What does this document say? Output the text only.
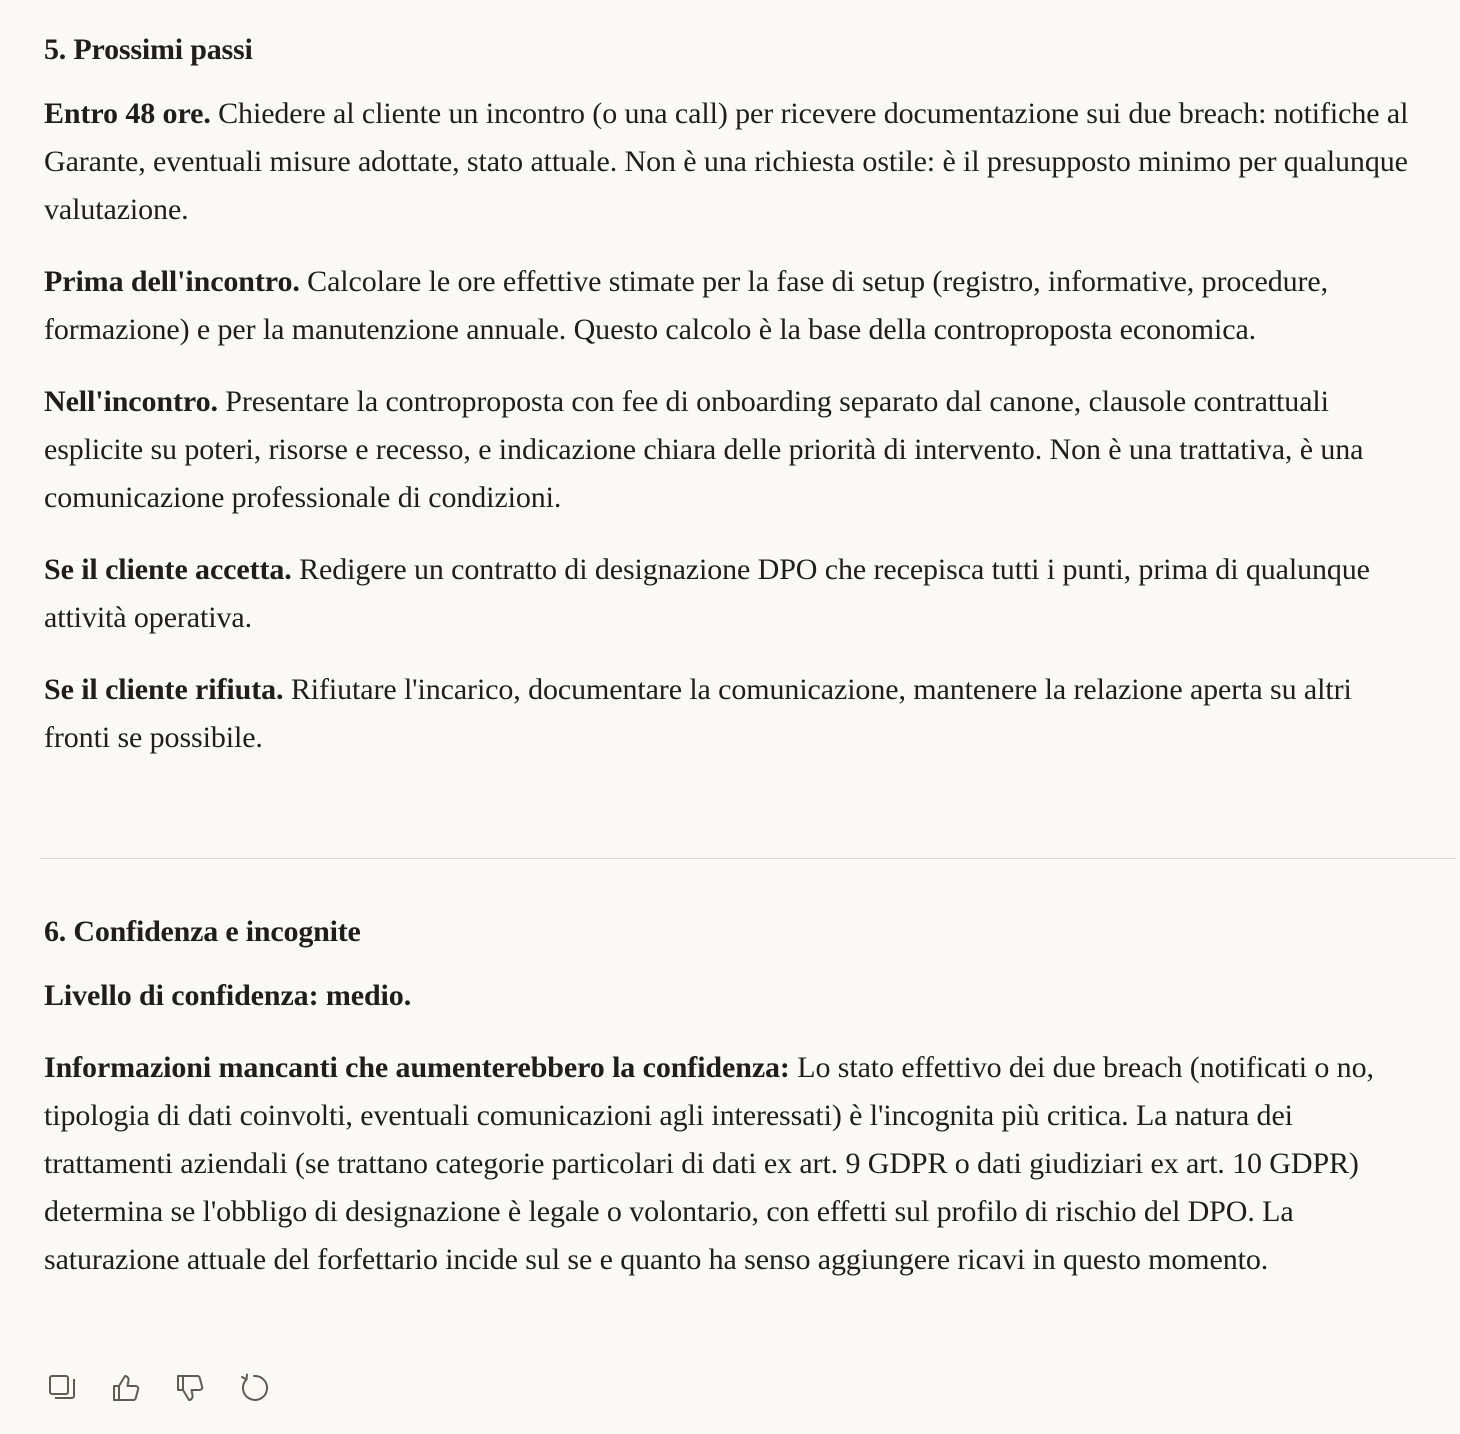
5. Prossimi passi

Entro 48 ore. Chiedere al cliente un incontro (o una call) per ricevere documentazione sui due breach: notifiche al Garante, eventuali misure adottate, stato attuale. Non è una richiesta ostile: è il presupposto minimo per qualunque valutazione.

Prima dell'incontro. Calcolare le ore effettive stimate per la fase di setup (registro, informative, procedure, formazione) e per la manutenzione annuale. Questo calcolo è la base della controproposta economica.

Nell'incontro. Presentare la controproposta con fee di onboarding separato dal canone, clausole contrattuali esplicite su poteri, risorse e recesso, e indicazione chiara delle priorità di intervento. Non è una trattativa, è una comunicazione professionale di condizioni.

Se il cliente accetta. Redigere un contratto di designazione DPO che recepisca tutti i punti, prima di qualunque attività operativa.

Se il cliente rifiuta. Rifiutare l'incarico, documentare la comunicazione, mantenere la relazione aperta su altri fronti se possibile.

6. Confidenza e incognite

Livello di confidenza: medio.

Informazioni mancanti che aumenterebbero la confidenza: Lo stato effettivo dei due breach (notificati o no, tipologia di dati coinvolti, eventuali comunicazioni agli interessati) è l'incognita più critica. La natura dei trattamenti aziendali (se trattano categorie particolari di dati ex art. 9 GDPR o dati giudiziari ex art. 10 GDPR) determina se l'obbligo di designazione è legale o volontario, con effetti sul profilo di rischio del DPO. La saturazione attuale del forfettario incide sul se e quanto ha senso aggiungere ricavi in questo momento.
